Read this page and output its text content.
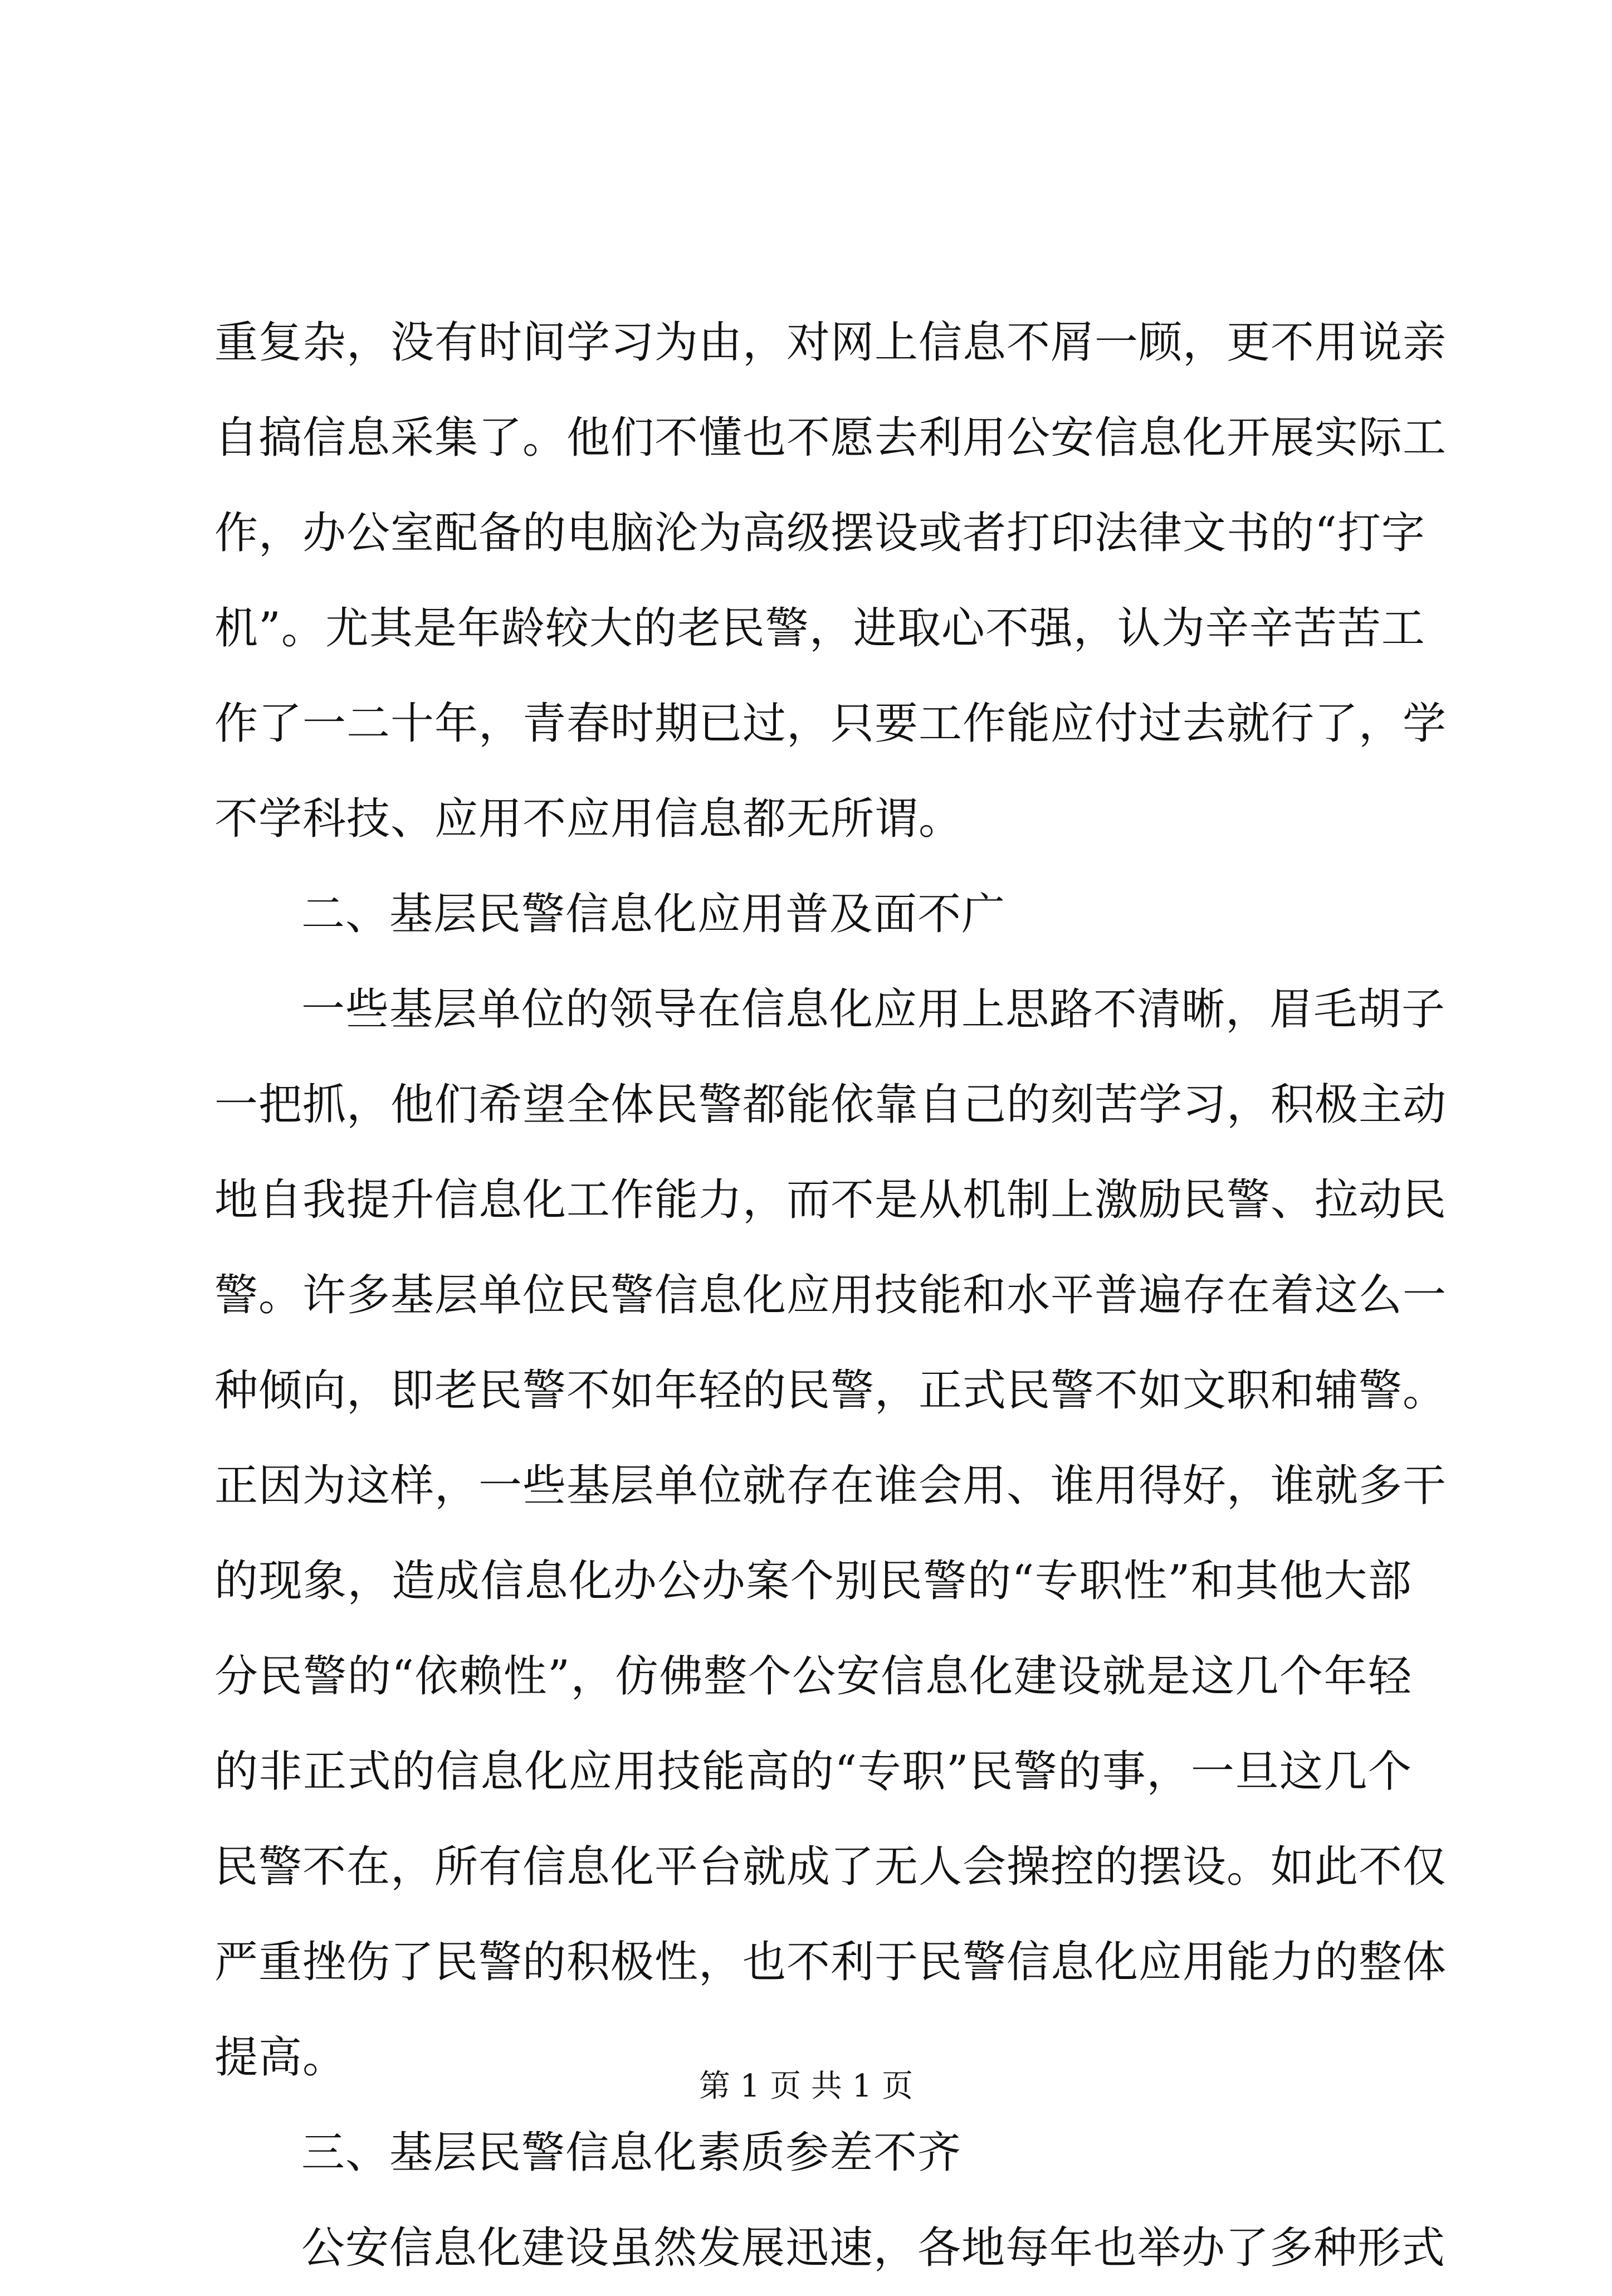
重复杂，没有时间学习为由，对网上信息不屑一顾，更不用说亲
自搞信息采集了。他们不懂也不愿去利用公安信息化开展实际工
作，办公室配备的电脑沦为高级摆设或者打印法律文书的“打字
机”。尤其是年龄较大的老民警，进取心不强，认为辛辛苦苦工
作了一二十年，青春时期已过，只要工作能应付过去就行了，学
不学科技、应用不应用信息都无所谓。
二、基层民警信息化应用普及面不广
一些基层单位的领导在信息化应用上思路不清晰，眉毛胡子
一把抓，他们希望全体民警都能依靠自己的刻苦学习，积极主动
地自我提升信息化工作能力，而不是从机制上激励民警、拉动民
警。许多基层单位民警信息化应用技能和水平普遍存在着这么一
种倾向，即老民警不如年轻的民警，正式民警不如文职和辅警。
正因为这样，一些基层单位就存在谁会用、谁用得好，谁就多干
的现象，造成信息化办公办案个别民警的“专职性”和其他大部
分民警的“依赖性”，仿佛整个公安信息化建设就是这几个年轻
的非正式的信息化应用技能高的“专职”民警的事，一旦这几个
民警不在，所有信息化平台就成了无人会操控的摆设。如此不仅
严重挫伤了民警的积极性，也不利于民警信息化应用能力的整体
提高。
三、基层民警信息化素质参差不齐
公安信息化建设虽然发展迅速，各地每年也举办了多种形式
第 1 页 共 1 页
